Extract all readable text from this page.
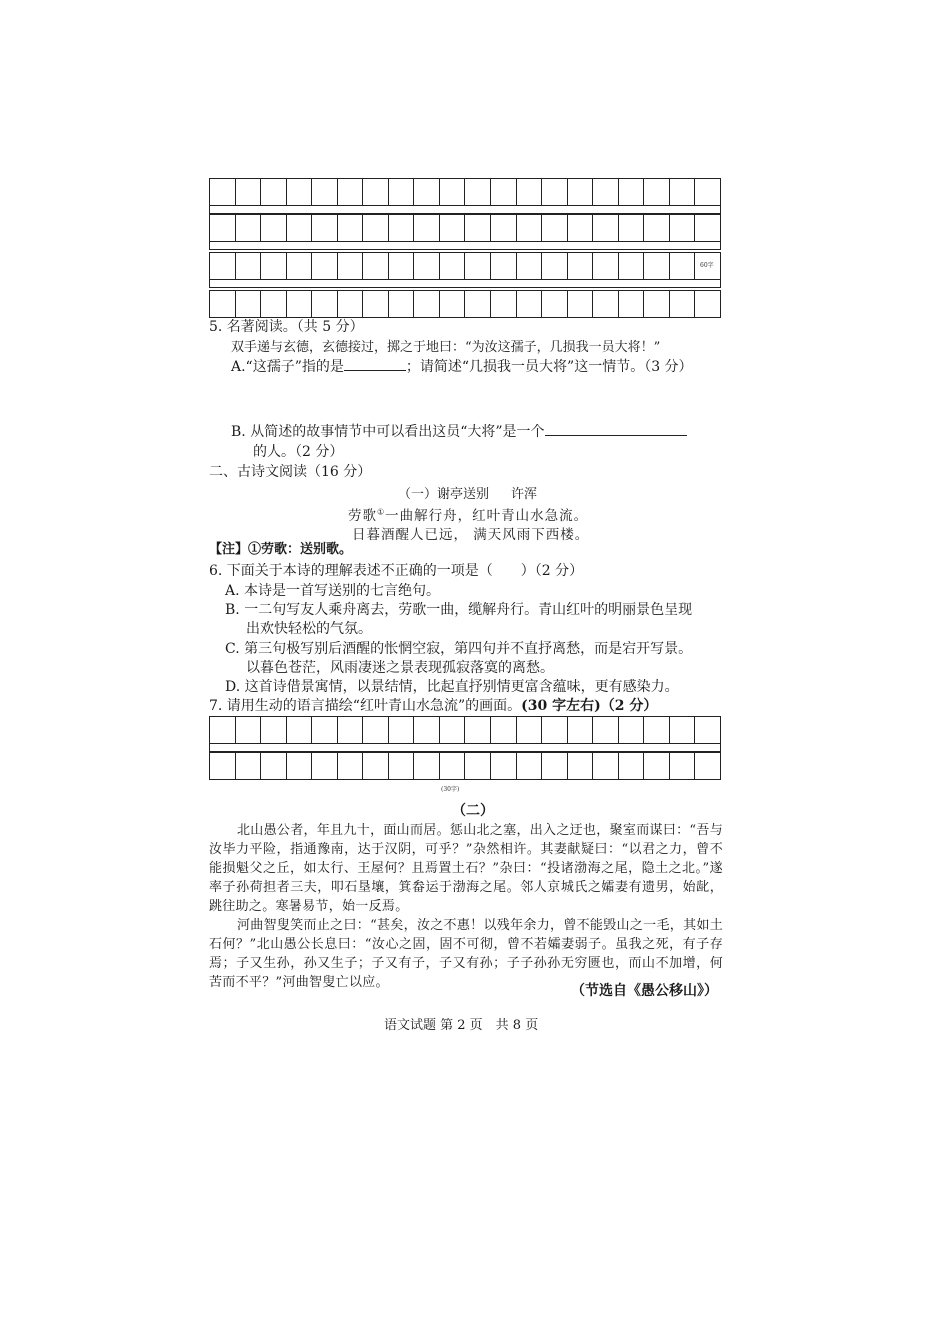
60字
5. 名著阅读。（共 5 分）
双手递与玄德，玄德接过，掷之于地曰：“为汝这孺子，几损我一员大将！”
A.“这孺子”指的是	；请简述“几损我一员大将”这一情节。（3 分）
B. 从简述的故事情节中可以看出这员“大将”是一个
的人。（2 分）
二、古诗文阅读（16 分）
（一）谢亭送别 许浑
劳歌①一曲解行舟，红叶青山水急流。
日暮酒醒人已远， 满天风雨下西楼。
【注】①劳歌：送别歌。
6. 下面关于本诗的理解表述不正确的一项是（　　）（2 分）
A. 本诗是一首写送别的七言绝句。
B. 一二句写友人乘舟离去，劳歌一曲，缆解舟行。青山红叶的明丽景色呈现
出欢快轻松的气氛。
C. 第三句极写别后酒醒的怅惘空寂，第四句并不直抒离愁，而是宕开写景。
以暮色苍茫，风雨凄迷之景表现孤寂落寞的离愁。
D. 这首诗借景寓情，以景结情，比起直抒别情更富含蕴味，更有感染力。
7. 请用生动的语言描绘“红叶青山水急流”的画面。(30 字左右)（2 分）
(30字)
（二）
北山愚公者，年且九十，面山而居。惩山北之塞，出入之迂也，聚室而谋曰：“吾与汝毕力平险，指通豫南，达于汉阴，可乎？”杂然相许。其妻献疑曰：“以君之力，曾不能损魁父之丘，如太行、王屋何？且焉置土石？”杂曰：“投诸渤海之尾，隐土之北。”遂率子孙荷担者三夫，叩石垦壤，箕畚运于渤海之尾。邻人京城氏之孀妻有遗男，始龀，跳往助之。寒暑易节，始一反焉。
河曲智叟笑而止之曰：“甚矣，汝之不惠！以残年余力，曾不能毁山之一毛，其如土石何？”北山愚公长息曰：“汝心之固，固不可彻，曾不若孀妻弱子。虽我之死，有子存焉；子又生孙，孙又生子；子又有子，子又有孙；子子孙孙无穷匮也，而山不加增，何苦而不平？”河曲智叟亡以应。
（节选自《愚公移山》）
语文试题 第 2 页　共 8 页
